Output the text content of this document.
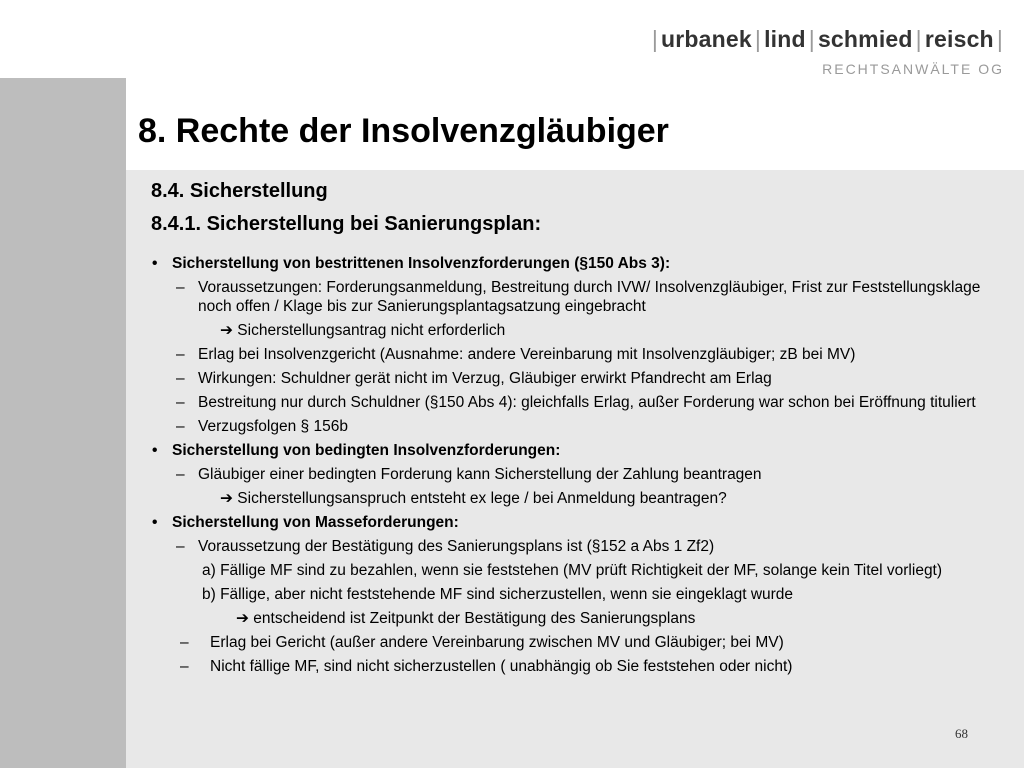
| urbanek | lind | schmied | reisch |
RECHTSANWÄLTE OG
8. Rechte der Insolvenzgläubiger
8.4. Sicherstellung
8.4.1. Sicherstellung bei Sanierungsplan:
• Sicherstellung von bestrittenen Insolvenzforderungen (§150 Abs 3):
– Voraussetzungen: Forderungsanmeldung, Bestreitung durch IVW/ Insolvenzgläubiger, Frist zur Feststellungsklage noch offen / Klage bis zur Sanierungsplantagsatzung eingebracht
➔ Sicherstellungsantrag nicht erforderlich
– Erlag bei Insolvenzgericht (Ausnahme: andere Vereinbarung mit Insolvenzgläubiger; zB bei MV)
– Wirkungen: Schuldner gerät nicht im Verzug, Gläubiger erwirkt Pfandrecht am Erlag
– Bestreitung nur durch Schuldner (§150 Abs 4): gleichfalls Erlag, außer Forderung war schon bei Eröffnung tituliert
– Verzugsfolgen § 156b
• Sicherstellung von bedingten Insolvenzforderungen:
– Gläubiger einer bedingten Forderung kann Sicherstellung der Zahlung beantragen
➔ Sicherstellungsanspruch entsteht ex lege / bei Anmeldung beantragen?
• Sicherstellung von Masseforderungen:
– Voraussetzung der Bestätigung des Sanierungsplans ist (§152 a Abs 1 Zf2)
a) Fällige MF sind zu bezahlen, wenn sie feststehen (MV prüft Richtigkeit der MF, solange kein Titel vorliegt)
b) Fällige, aber nicht feststehende MF sind sicherzustellen, wenn sie eingeklagt wurde
➔ entscheidend ist Zeitpunkt der Bestätigung des Sanierungsplans
– Erlag bei Gericht (außer andere Vereinbarung zwischen MV und Gläubiger; bei MV)
– Nicht fällige MF, sind nicht sicherzustellen ( unabhängig ob Sie feststehen oder nicht)
68
